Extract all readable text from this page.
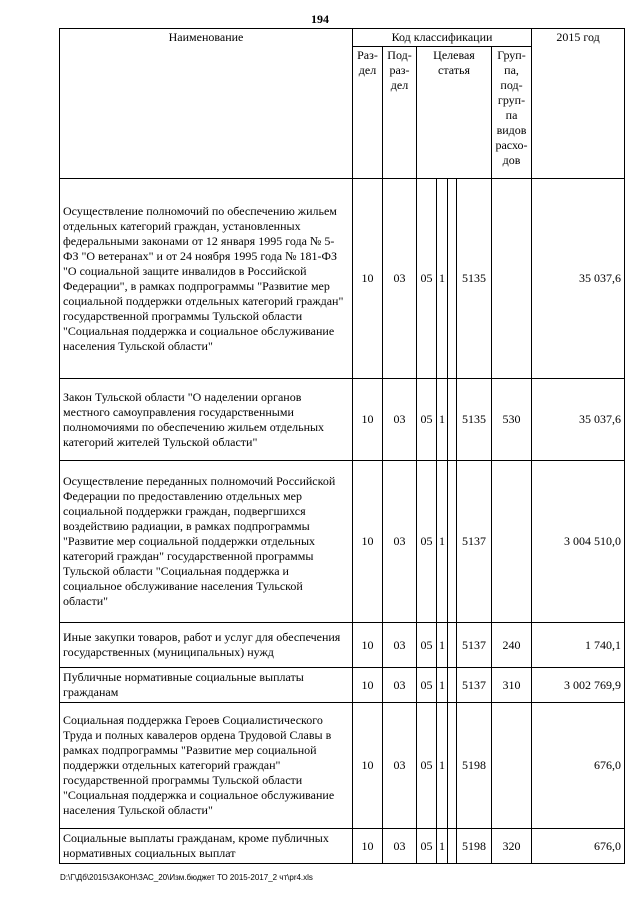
194
Наименование	Код классификации							2015 год
	Раз-дел	Под-раз-дел	Целевая статья				Груп-па, под-груп-па видов расхо-дов	
Осуществление полномочий по обеспечению жильем отдельных категорий граждан, установленных федеральными законами от 12 января 1995 года № 5-ФЗ "О ветеранах" и от 24 ноября 1995 года № 181-ФЗ "О социальной защите инвалидов в Российской Федерации", в рамках подпрограммы "Развитие мер социальной поддержки отдельных категорий граждан" государственной программы Тульской области "Социальная поддержка и социальное обслуживание населения Тульской области"	10	03	05	1		5135		35 037,6
Закон Тульской области "О наделении органов местного самоуправления государственными полномочиями по обеспечению жильем отдельных категорий жителей Тульской области"	10	03	05	1		5135	530	35 037,6
Осуществление переданных полномочий Российской Федерации по предоставлению отдельных мер социальной поддержки граждан, подвергшихся воздействию радиации, в рамках подпрограммы "Развитие мер социальной поддержки отдельных категорий граждан" государственной программы Тульской области "Социальная поддержка и социальное обслуживание населения Тульской области"	10	03	05	1		5137		3 004 510,0
Иные закупки товаров, работ и услуг для обеспечения государственных (муниципальных) нужд	10	03	05	1		5137	240	1 740,1
Публичные нормативные социальные выплаты гражданам	10	03	05	1		5137	310	3 002 769,9
Социальная поддержка Героев Социалистического Труда и полных кавалеров ордена Трудовой Славы в рамках подпрограммы "Развитие мер социальной поддержки отдельных категорий граждан" государственной программы Тульской области "Социальная поддержка и социальное обслуживание населения Тульской области"	10	03	05	1		5198		676,0
Социальные выплаты гражданам, кроме публичных нормативных социальных выплат	10	03	05	1		5198	320	676,0
D:\Г\Дб\2015\ЗАКОН\ЗАС_20\Изм.бюджет ТО 2015-2017_2 чт\pr4.xls
